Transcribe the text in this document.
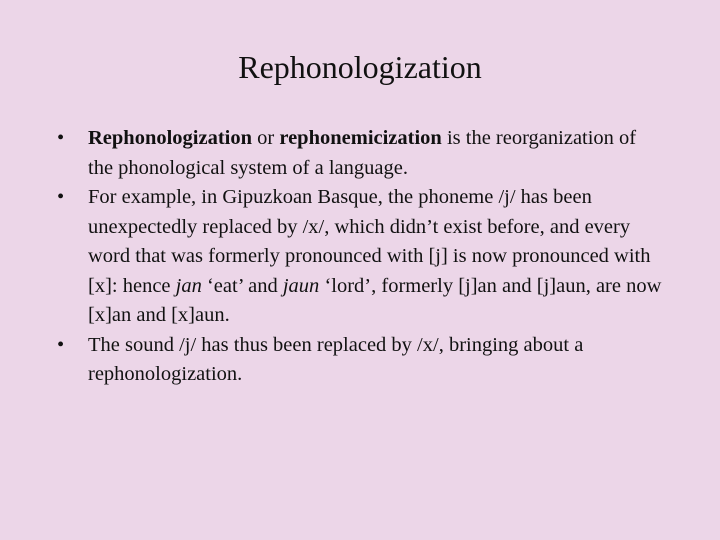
Rephonologization
• Rephonologization or rephonemicization is the reorganization of the phonological system of a language.
• For example, in Gipuzkoan Basque, the phoneme /j/ has been unexpectedly replaced by /x/, which didn’t exist before, and every word that was formerly pronounced with [j] is now pronounced with [x]: hence jan ‘eat’ and jaun ‘lord’, formerly [j]an and [j]aun, are now [x]an and [x]aun.
• The sound /j/ has thus been replaced by /x/, bringing about a rephonologization.
